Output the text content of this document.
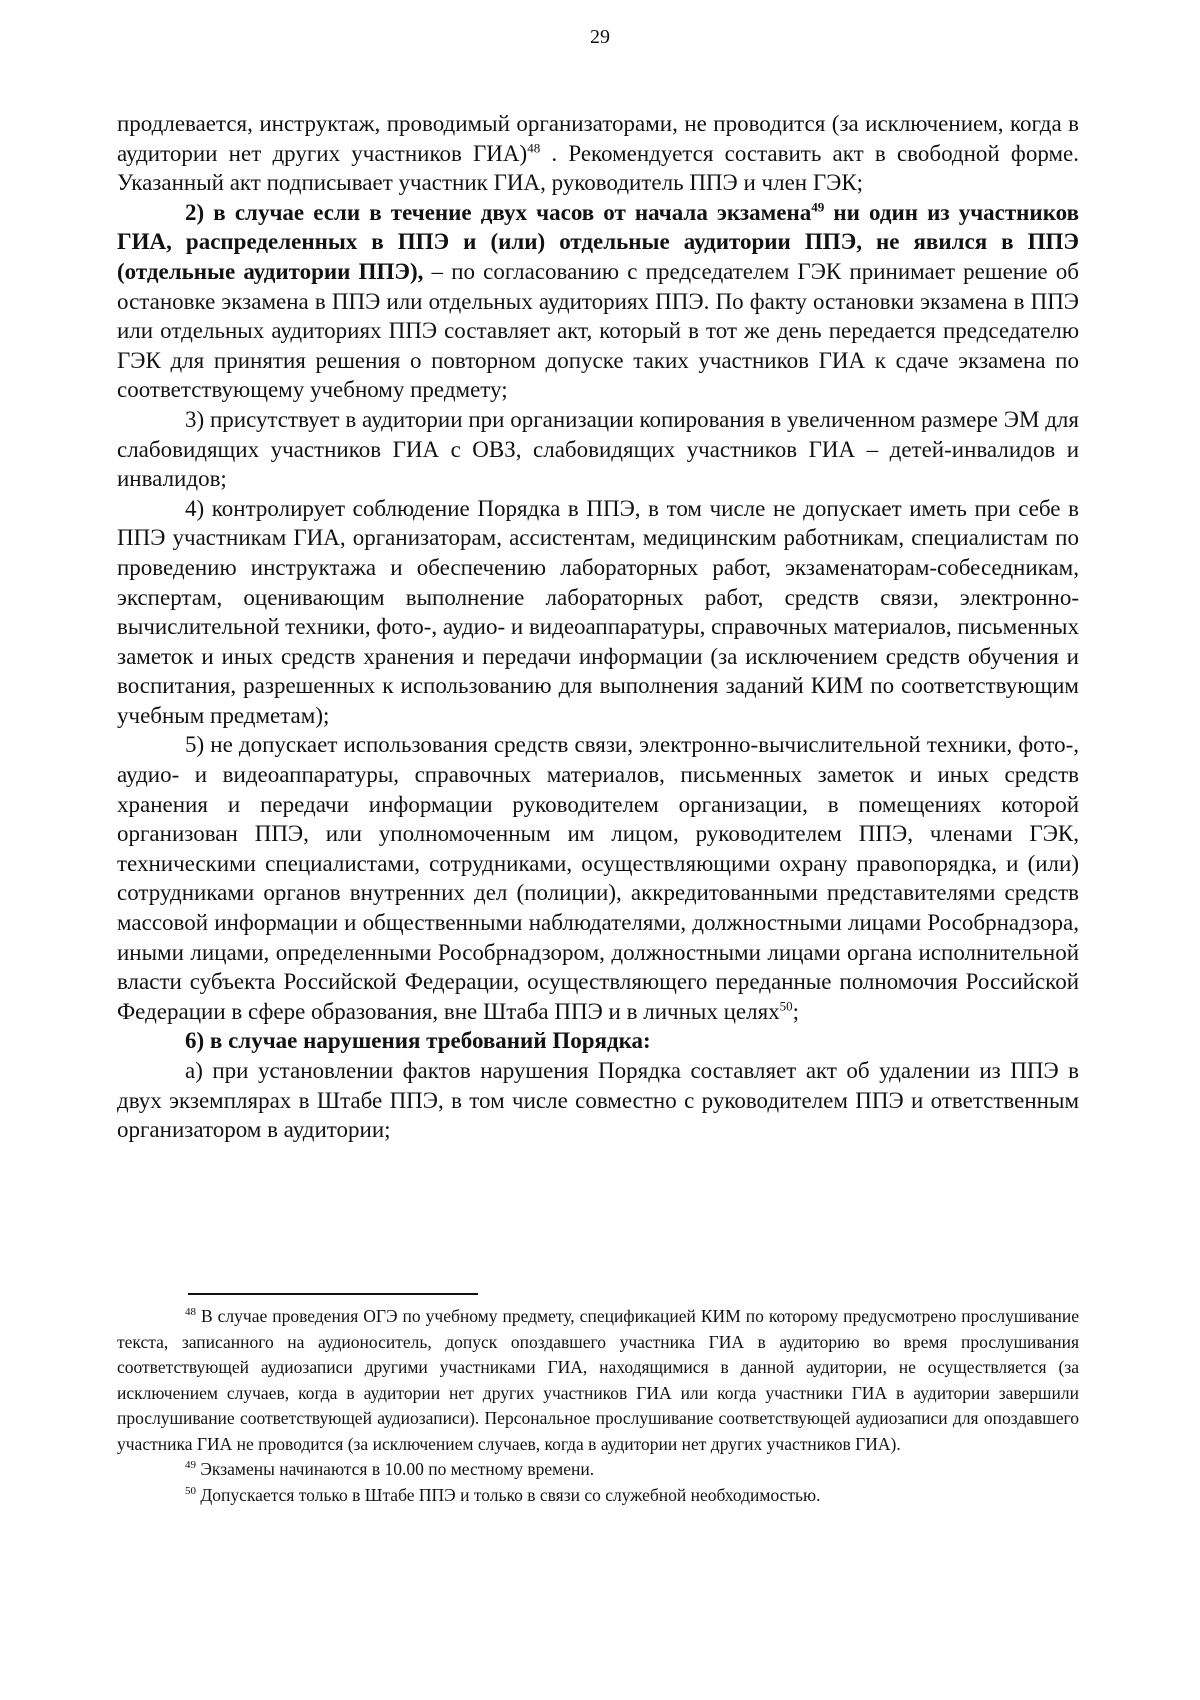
29

продлевается, инструктаж, проводимый организаторами, не проводится (за исключением, когда в аудитории нет других участников ГИА)$^{48}$ . Рекомендуется составить акт в свободной форме. Указанный акт подписывает участник ГИА, руководитель ППЭ и член ГЭК;

2) в случае если в течение двух часов от начала экзамена$^{49}$ ни один из участников ГИА, распределенных в ППЭ и (или) отдельные аудитории ППЭ, не явился в ППЭ (отдельные аудитории ППЭ), – по согласованию с председателем ГЭК принимает решение об остановке экзамена в ППЭ или отдельных аудиториях ППЭ. По факту остановки экзамена в ППЭ или отдельных аудиториях ППЭ составляет акт, который в тот же день передается председателю ГЭК для принятия решения о повторном допуске таких участников ГИА к сдаче экзамена по соответствующему учебному предмету;

3) присутствует в аудитории при организации копирования в увеличенном размере ЭМ для слабовидящих участников ГИА с ОВЗ, слабовидящих участников ГИА – детей-инвалидов и инвалидов;

4) контролирует соблюдение Порядка в ППЭ, в том числе не допускает иметь при себе в ППЭ участникам ГИА, организаторам, ассистентам, медицинским работникам, специалистам по проведению инструктажа и обеспечению лабораторных работ, экзаменаторам-собеседникам, экспертам, оценивающим выполнение лабораторных работ, средств связи, электронно-вычислительной техники, фото-, аудио- и видеоаппаратуры, справочных материалов, письменных заметок и иных средств хранения и передачи информации (за исключением средств обучения и воспитания, разрешенных к использованию для выполнения заданий КИМ по соответствующим учебным предметам);

5) не допускает использования средств связи, электронно-вычислительной техники, фото-, аудио- и видеоаппаратуры, справочных материалов, письменных заметок и иных средств хранения и передачи информации руководителем организации, в помещениях которой организован ППЭ, или уполномоченным им лицом, руководителем ППЭ, членами ГЭК, техническими специалистами, сотрудниками, осуществляющими охрану правопорядка, и (или) сотрудниками органов внутренних дел (полиции), аккредитованными представителями средств массовой информации и общественными наблюдателями, должностными лицами Рособрнадзора, иными лицами, определенными Рособрнадзором, должностными лицами органа исполнительной власти субъекта Российской Федерации, осуществляющего переданные полномочия Российской Федерации в сфере образования, вне Штаба ППЭ и в личных целях$^{50}$;

6) в случае нарушения требований Порядка:

а) при установлении фактов нарушения Порядка составляет акт об удалении из ППЭ в двух экземплярах в Штабе ППЭ, в том числе совместно с руководителем ППЭ и ответственным организатором в аудитории;

$^{48}$ В случае проведения ОГЭ по учебному предмету, спецификацией КИМ по которому предусмотрено прослушивание текста, записанного на аудионоситель, допуск опоздавшего участника ГИА в аудиторию во время прослушивания соответствующей аудиозаписи другими участниками ГИА, находящимися в данной аудитории, не осуществляется (за исключением случаев, когда в аудитории нет других участников ГИА или когда участники ГИА в аудитории завершили прослушивание соответствующей аудиозаписи). Персональное прослушивание соответствующей аудиозаписи для опоздавшего участника ГИА не проводится (за исключением случаев, когда в аудитории нет других участников ГИА).

$^{49}$ Экзамены начинаются в 10.00 по местному времени.

$^{50}$ Допускается только в Штабе ППЭ и только в связи со служебной необходимостью.
